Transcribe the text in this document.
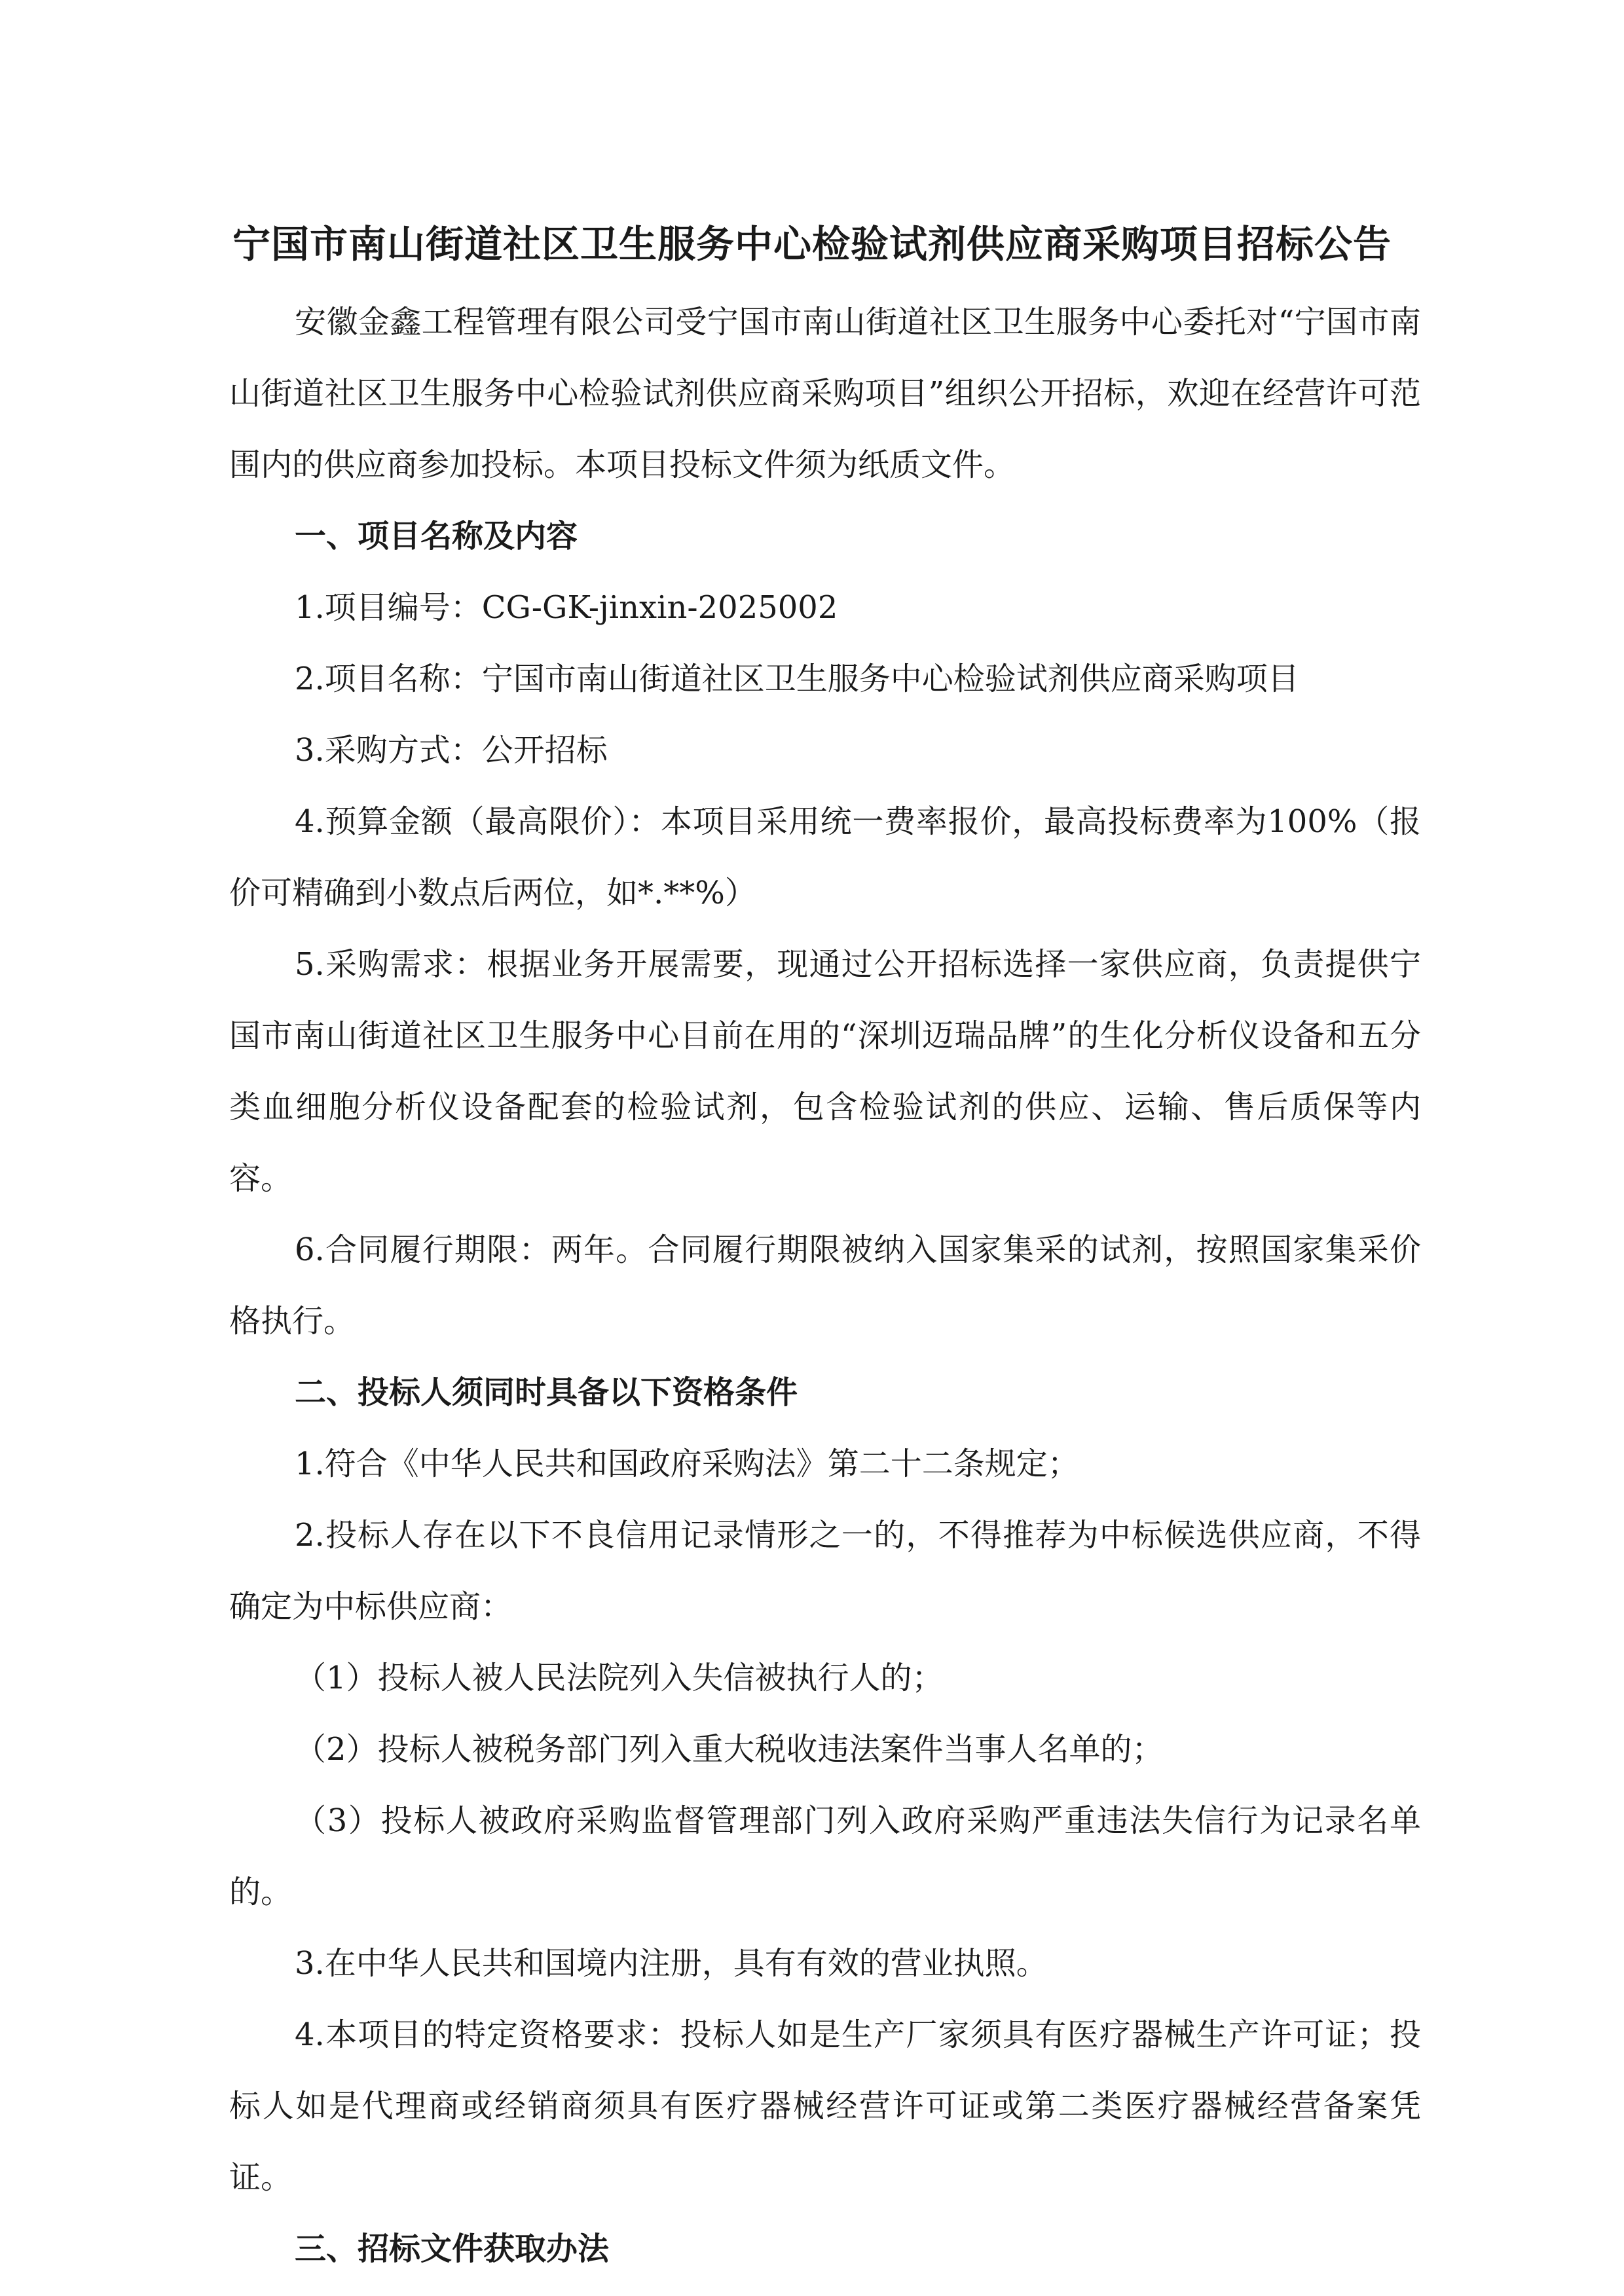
宁国市南山街道社区卫生服务中心检验试剂供应商采购项目招标公告

安徽金鑫工程管理有限公司受宁国市南山街道社区卫生服务中心委托对“宁国市南山街道社区卫生服务中心检验试剂供应商采购项目”组织公开招标，欢迎在经营许可范围内的供应商参加投标。本项目投标文件须为纸质文件。

一、项目名称及内容

1.项目编号：CG-GK-jinxin-2025002

2.项目名称：宁国市南山街道社区卫生服务中心检验试剂供应商采购项目

3.采购方式：公开招标

4.预算金额（最高限价）：本项目采用统一费率报价，最高投标费率为100%（报价可精确到小数点后两位，如*.**%）

5.采购需求：根据业务开展需要，现通过公开招标选择一家供应商，负责提供宁国市南山街道社区卫生服务中心目前在用的“深圳迈瑞品牌”的生化分析仪设备和五分类血细胞分析仪设备配套的检验试剂，包含检验试剂的供应、运输、售后质保等内容。

6.合同履行期限：两年。合同履行期限被纳入国家集采的试剂，按照国家集采价格执行。

二、投标人须同时具备以下资格条件

1.符合《中华人民共和国政府采购法》第二十二条规定；

2.投标人存在以下不良信用记录情形之一的，不得推荐为中标候选供应商，不得确定为中标供应商：

（1）投标人被人民法院列入失信被执行人的；

（2）投标人被税务部门列入重大税收违法案件当事人名单的；

（3）投标人被政府采购监督管理部门列入政府采购严重违法失信行为记录名单的。

3.在中华人民共和国境内注册，具有有效的营业执照。

4.本项目的特定资格要求：投标人如是生产厂家须具有医疗器械生产许可证；投标人如是代理商或经销商须具有医疗器械经营许可证或第二类医疗器械经营备案凭证。

三、招标文件获取办法
